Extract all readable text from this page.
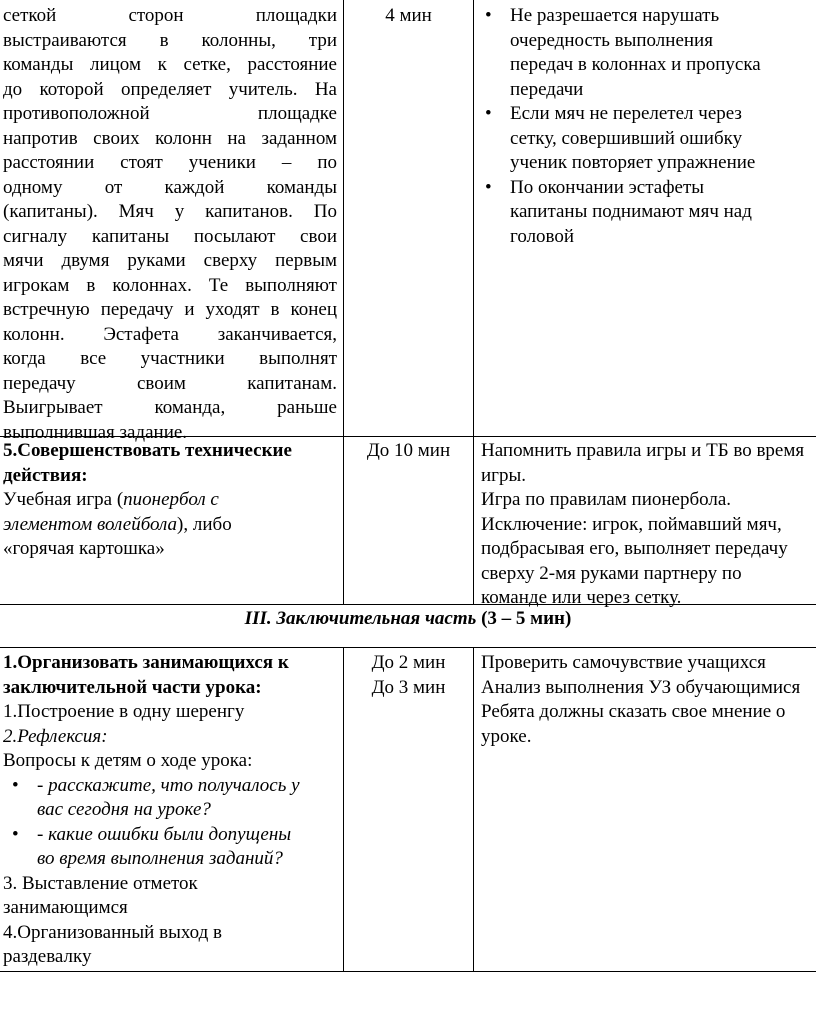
сеткой сторон площадки
выстраиваются в колонны, три
команды лицом к сетке, расстояние
до которой определяет учитель. На
противоположной площадке
напротив своих колонн на заданном
расстоянии стоят ученики – по
одному от каждой команды
(капитаны). Мяч у капитанов. По
сигналу капитаны посылают свои
мячи двумя руками сверху первым
игрокам в колоннах. Те выполняют
встречную передачу и уходят в конец
колонн. Эстафета заканчивается,
когда все участники выполнят
передачу своим капитанам.
Выигрывает команда, раньше
выполнившая задание.
4 мин
•	Не разрешается нарушать
очередность выполнения
передач в колоннах и пропуска
передачи
• Если мяч не перелетел через
сетку, совершивший ошибку
ученик повторяет упражнение
• По окончании эстафеты
капитаны поднимают мяч над
головой
5.Совершенствовать технические
действия:
Учебная игра (пионербол с
элементом волейбола), либо
«горячая картошка»
До 10 мин	Напомнить правила игры и ТБ во время
игры.
Игра по правилам пионербола.
Исключение: игрок, поймавший мяч,
подбрасывая его, выполняет передачу
сверху 2-мя руками партнеру по
команде или через сетку.
III. Заключительная часть (3 – 5 мин)
1.Организовать занимающихся к
заключительной части урока:
1.Построение в одну шеренгу
2.Рефлексия:
Вопросы к детям о ходе урока:
• - расскажите, что получалось у
вас сегодня на уроке?
• - какие ошибки были допущены
во время выполнения заданий?
3. Выставление отметок
занимающимся
4.Организованный выход в
раздевалку
До 2 мин
До 3 мин
Проверить самочувствие учащихся
Анализ выполнения УЗ обучающимися
Ребята должны сказать свое мнение о
уроке.
